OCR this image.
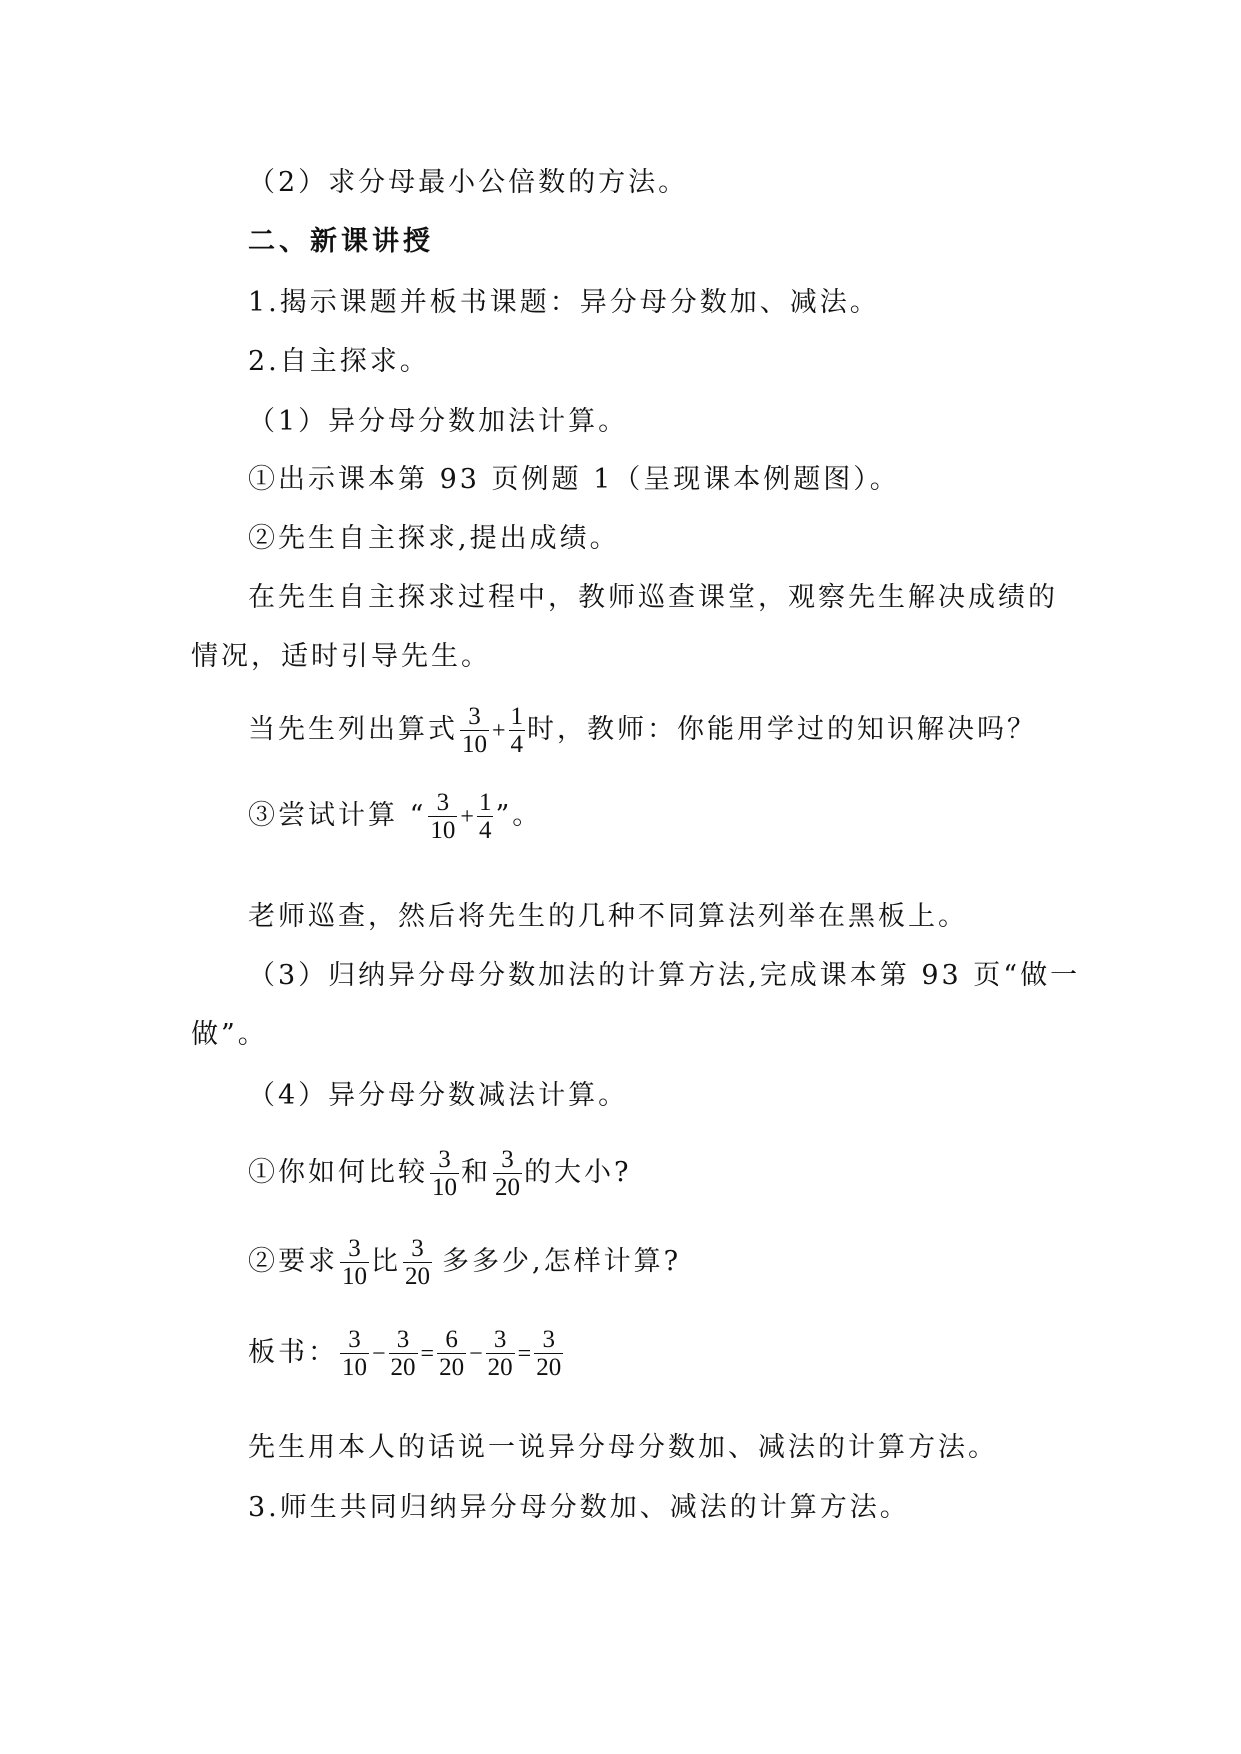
（2）求分母最小公倍数的方法。
二、新课讲授
1.揭示课题并板书课题：异分母分数加、减法。
2.自主探求。
（1）异分母分数加法计算。
①出示课本第 93 页例题 1（呈现课本例题图）。
②先生自主探求,提出成绩。
在先生自主探求过程中，教师巡查课堂，观察先生解决成绩的
情况，适时引导先生。
当先生列出算式 $\frac{3}{10} + \frac{1}{4}$ 时，教师：你能用学过的知识解决吗？
③尝试计算 “ $\frac{3}{10} + \frac{1}{4}$ ”。
老师巡查，然后将先生的几种不同算法列举在黑板上。
（3）归纳异分母分数加法的计算方法,完成课本第 93 页“做一
做”。
（4）异分母分数减法计算。
①你如何比较 $\frac{3}{10}$ 和 $\frac{3}{20}$ 的大小?
②要求 $\frac{3}{10}$ 比 $\frac{3}{20}$ 多多少,怎样计算?
板书： $\frac{3}{10} - \frac{3}{20} = \frac{6}{20} - \frac{3}{20} = \frac{3}{20}$
先生用本人的话说一说异分母分数加、减法的计算方法。
3.师生共同归纳异分母分数加、减法的计算方法。
